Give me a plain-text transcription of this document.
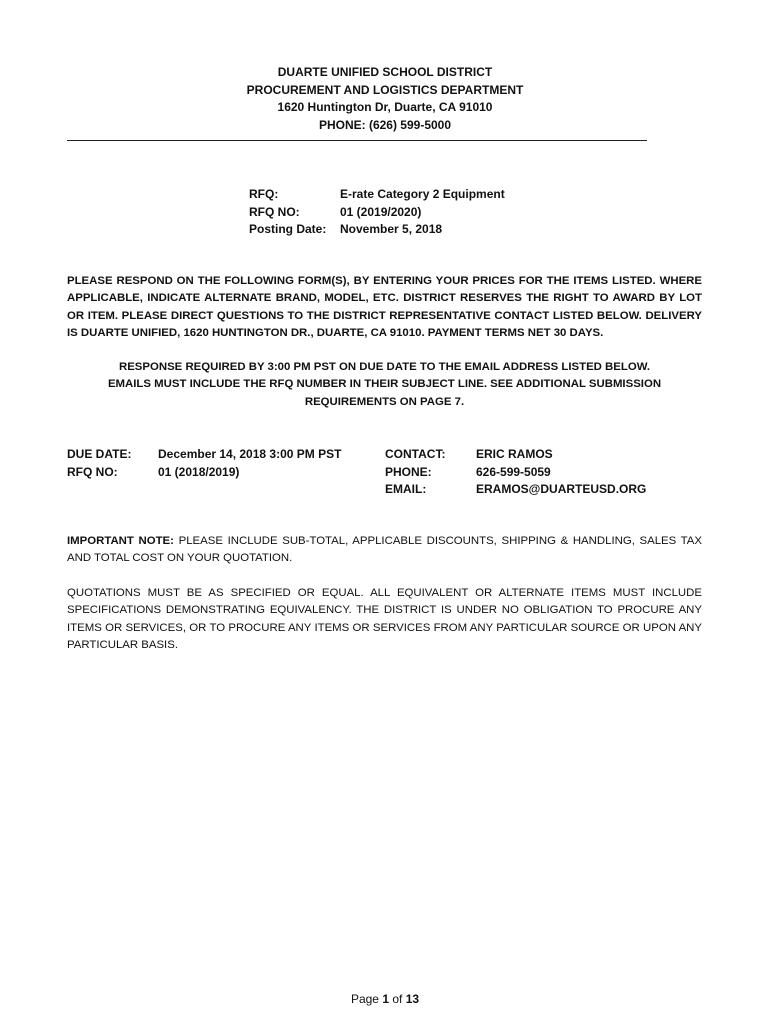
DUARTE UNIFIED SCHOOL DISTRICT
PROCUREMENT AND LOGISTICS DEPARTMENT
1620 Huntington Dr, Duarte, CA 91010
PHONE: (626) 599-5000
RFQ:	E-rate Category 2 Equipment
RFQ NO:	01 (2019/2020)
Posting Date:	November 5, 2018
PLEASE RESPOND ON THE FOLLOWING FORM(S), BY ENTERING YOUR PRICES FOR THE ITEMS LISTED. WHERE APPLICABLE, INDICATE ALTERNATE BRAND, MODEL, ETC. DISTRICT RESERVES THE RIGHT TO AWARD BY LOT OR ITEM. PLEASE DIRECT QUESTIONS TO THE DISTRICT REPRESENTATIVE CONTACT LISTED BELOW. DELIVERY IS DUARTE UNIFIED, 1620 HUNTINGTON DR., DUARTE, CA 91010. PAYMENT TERMS NET 30 DAYS.
RESPONSE REQUIRED BY 3:00 PM PST ON DUE DATE TO THE EMAIL ADDRESS LISTED BELOW.
EMAILS MUST INCLUDE THE RFQ NUMBER IN THEIR SUBJECT LINE. SEE ADDITIONAL SUBMISSION
REQUIREMENTS ON PAGE 7.
DUE DATE:	December 14, 2018 3:00 PM PST
RFQ NO:	01 (2018/2019)
CONTACT:	ERIC RAMOS
PHONE:	626-599-5059
EMAIL:	ERAMOS@DUARTEUSD.ORG
IMPORTANT NOTE: PLEASE INCLUDE SUB-TOTAL, APPLICABLE DISCOUNTS, SHIPPING & HANDLING, SALES TAX AND TOTAL COST ON YOUR QUOTATION.
QUOTATIONS MUST BE AS SPECIFIED OR EQUAL. ALL EQUIVALENT OR ALTERNATE ITEMS MUST INCLUDE SPECIFICATIONS DEMONSTRATING EQUIVALENCY. THE DISTRICT IS UNDER NO OBLIGATION TO PROCURE ANY ITEMS OR SERVICES, OR TO PROCURE ANY ITEMS OR SERVICES FROM ANY PARTICULAR SOURCE OR UPON ANY PARTICULAR BASIS.
Page 1 of 13
